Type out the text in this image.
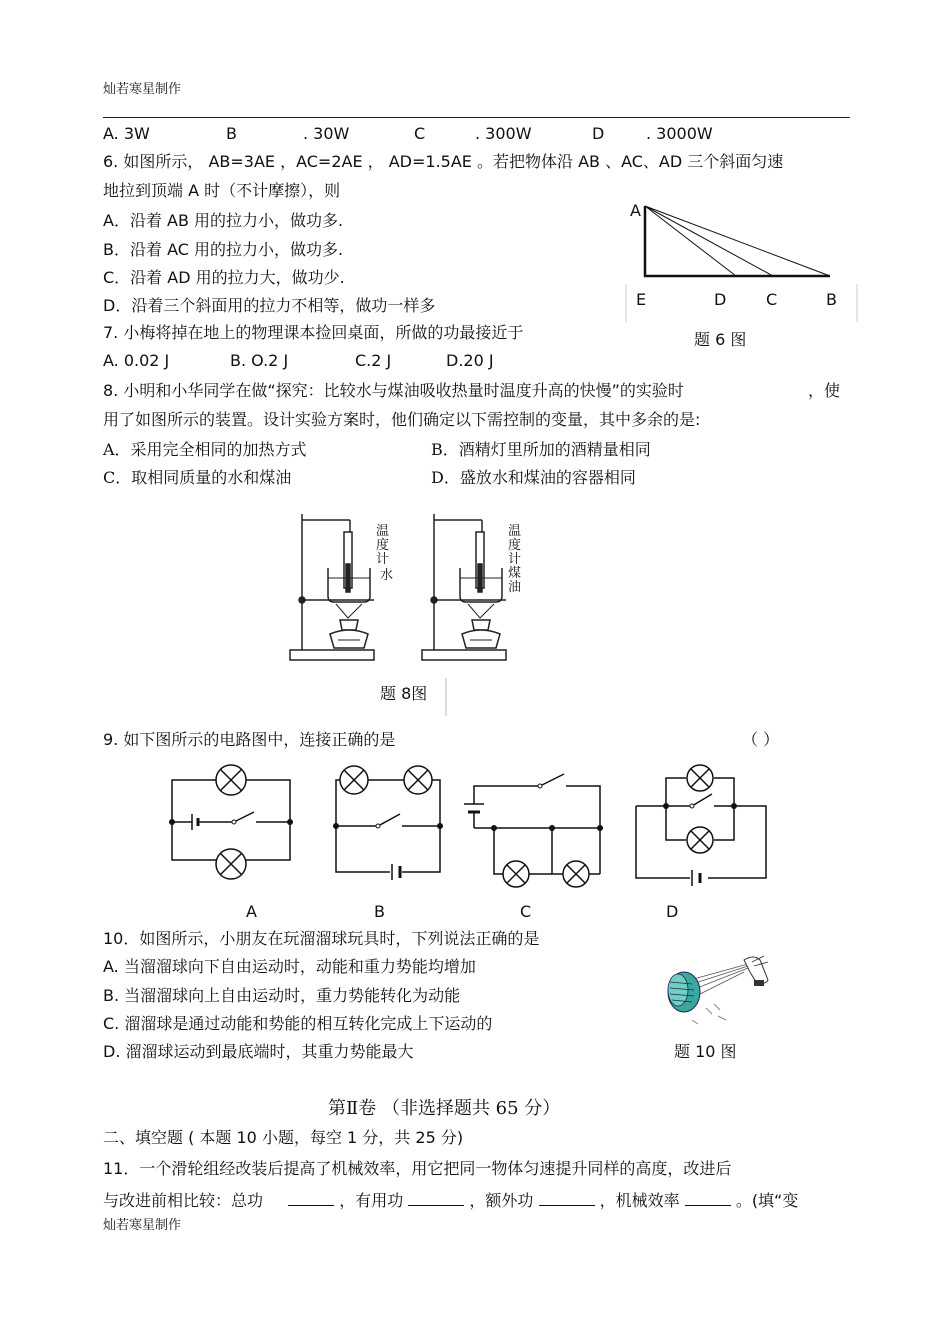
灿若寒星制作
A. 3W	B	. 30W	C	. 300W	D	. 3000W
6. 如图所示， AB=3AE ，AC=2AE ， AD=1.5AE 。若把物体沿 AB 、AC、AD 三个斜面匀速
地拉到顶端 A 时（不计摩擦），则
A．沿着 AB 用的拉力小，做功多.
B．沿着 AC 用的拉力小，做功多.
C．沿着 AD 用的拉力大，做功少.
D．沿着三个斜面用的拉力不相等，做功一样多
A
E	D C	B
题 6 图
7. 小梅将掉在地上的物理课本捡回桌面，所做的功最接近于
A. 0.02 J	B. O.2 J	C.2 J	D.20 J
8. 小明和小华同学在做“探究：比较水与煤油吸收热量时温度升高的快慢”的实验时	，使
用了如图所示的装置。设计实验方案时，他们确定以下需控制的变量，其中多余的是:
A．采用完全相同的加热方式	B．酒精灯里所加的酒精量相同
C．取相同质量的水和煤油	D．盛放水和煤油的容器相同
温
度
计
水
温
度
计
煤
油
题 8图
9. 如下图所示的电路图中，连接正确的是	（ ）
A	B	C	D
10．如图所示，小朋友在玩溜溜球玩具时，下列说法正确的是
A. 当溜溜球向下自由运动时，动能和重力势能均增加
B. 当溜溜球向上自由运动时，重力势能转化为动能
C. 溜溜球是通过动能和势能的相互转化完成上下运动的
D. 溜溜球运动到最底端时，其重力势能最大	题 10 图
第Ⅱ卷 （非选择题共 65 分）
二、填空题 ( 本题 10 小题，每空 1 分，共 25 分)
11．一个滑轮组经改装后提高了机械效率，用它把同一物体匀速提升同样的高度，改进后
与改进前相比较：总功	，有用功	，额外功	，机械效率	。(填“变
灿若寒星制作
